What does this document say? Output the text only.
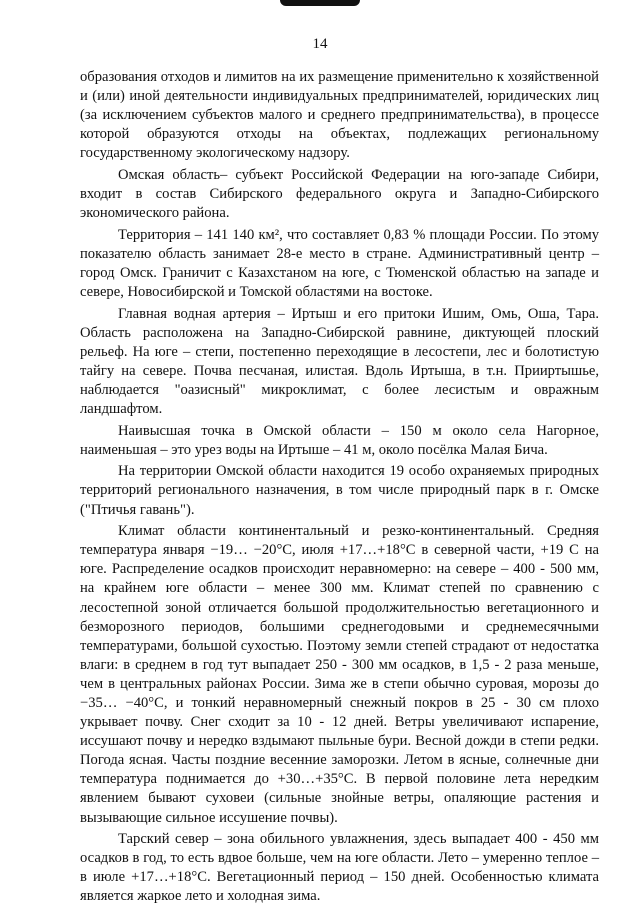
14

образования отходов и лимитов на их размещение применительно к хозяйственной и (или) иной деятельности индивидуальных предпринимателей, юридических лиц (за исключением субъектов малого и среднего предпринимательства), в процессе которой образуются отходы на объектах, подлежащих региональному государственному экологическому надзору.

Омская область– субъект Российской Федерации на юго-западе Сибири, входит в состав Сибирского федерального округа и Западно-Сибирского экономического района.

Территория – 141 140 км², что составляет 0,83 % площади России. По этому показателю область занимает 28-е место в стране. Административный центр – город Омск. Граничит с Казахстаном на юге, с Тюменской областью на западе и севере, Новосибирской и Томской областями на востоке.

Главная водная артерия – Иртыш и его притоки Ишим, Омь, Оша, Тара. Область расположена на Западно-Сибирской равнине, диктующей плоский рельеф. На юге – степи, постепенно переходящие в лесостепи, лес и болотистую тайгу на севере. Почва песчаная, илистая. Вдоль Иртыша, в т.н. Прииртышье, наблюдается "оазисный" микроклимат, с более лесистым и овражным ландшафтом.

Наивысшая точка в Омской области – 150 м около села Нагорное, наименьшая – это урез воды на Иртыше – 41 м, около посёлка Малая Бича.

На территории Омской области находится 19 особо охраняемых природных территорий регионального назначения, в том числе природный парк в г. Омске ("Птичья гавань").

Климат области континентальный и резко-континентальный. Средняя температура января −19… −20°С, июля +17…+18°С в северной части, +19 С на юге. Распределение осадков происходит неравномерно: на севере – 400 - 500 мм, на крайнем юге области – менее 300 мм. Климат степей по сравнению с лесостепной зоной отличается большой продолжительностью вегетационного и безморозного периодов, большими среднегодовыми и среднемесячными температурами, большой сухостью. Поэтому земли степей страдают от недостатка влаги: в среднем в год тут выпадает 250 - 300 мм осадков, в 1,5 - 2 раза меньше, чем в центральных районах России. Зима же в степи обычно суровая, морозы до −35… −40°С, и тонкий неравномерный снежный покров в 25 - 30 см плохо укрывает почву. Снег сходит за 10 - 12 дней. Ветры увеличивают испарение, иссушают почву и нередко вздымают пыльные бури. Весной дожди в степи редки. Погода ясная. Часты поздние весенние заморозки. Летом в ясные, солнечные дни температура поднимается до +30…+35°С. В первой половине лета нередким явлением бывают суховеи (сильные знойные ветры, опаляющие растения и вызывающие сильное иссушение почвы).

Тарский север – зона обильного увлажнения, здесь выпадает 400 - 450 мм осадков в год, то есть вдвое больше, чем на юге области. Лето – умеренно теплое – в июле +17…+18°С. Вегетационный период – 150 дней. Особенностью климата является жаркое лето и холодная зима.
